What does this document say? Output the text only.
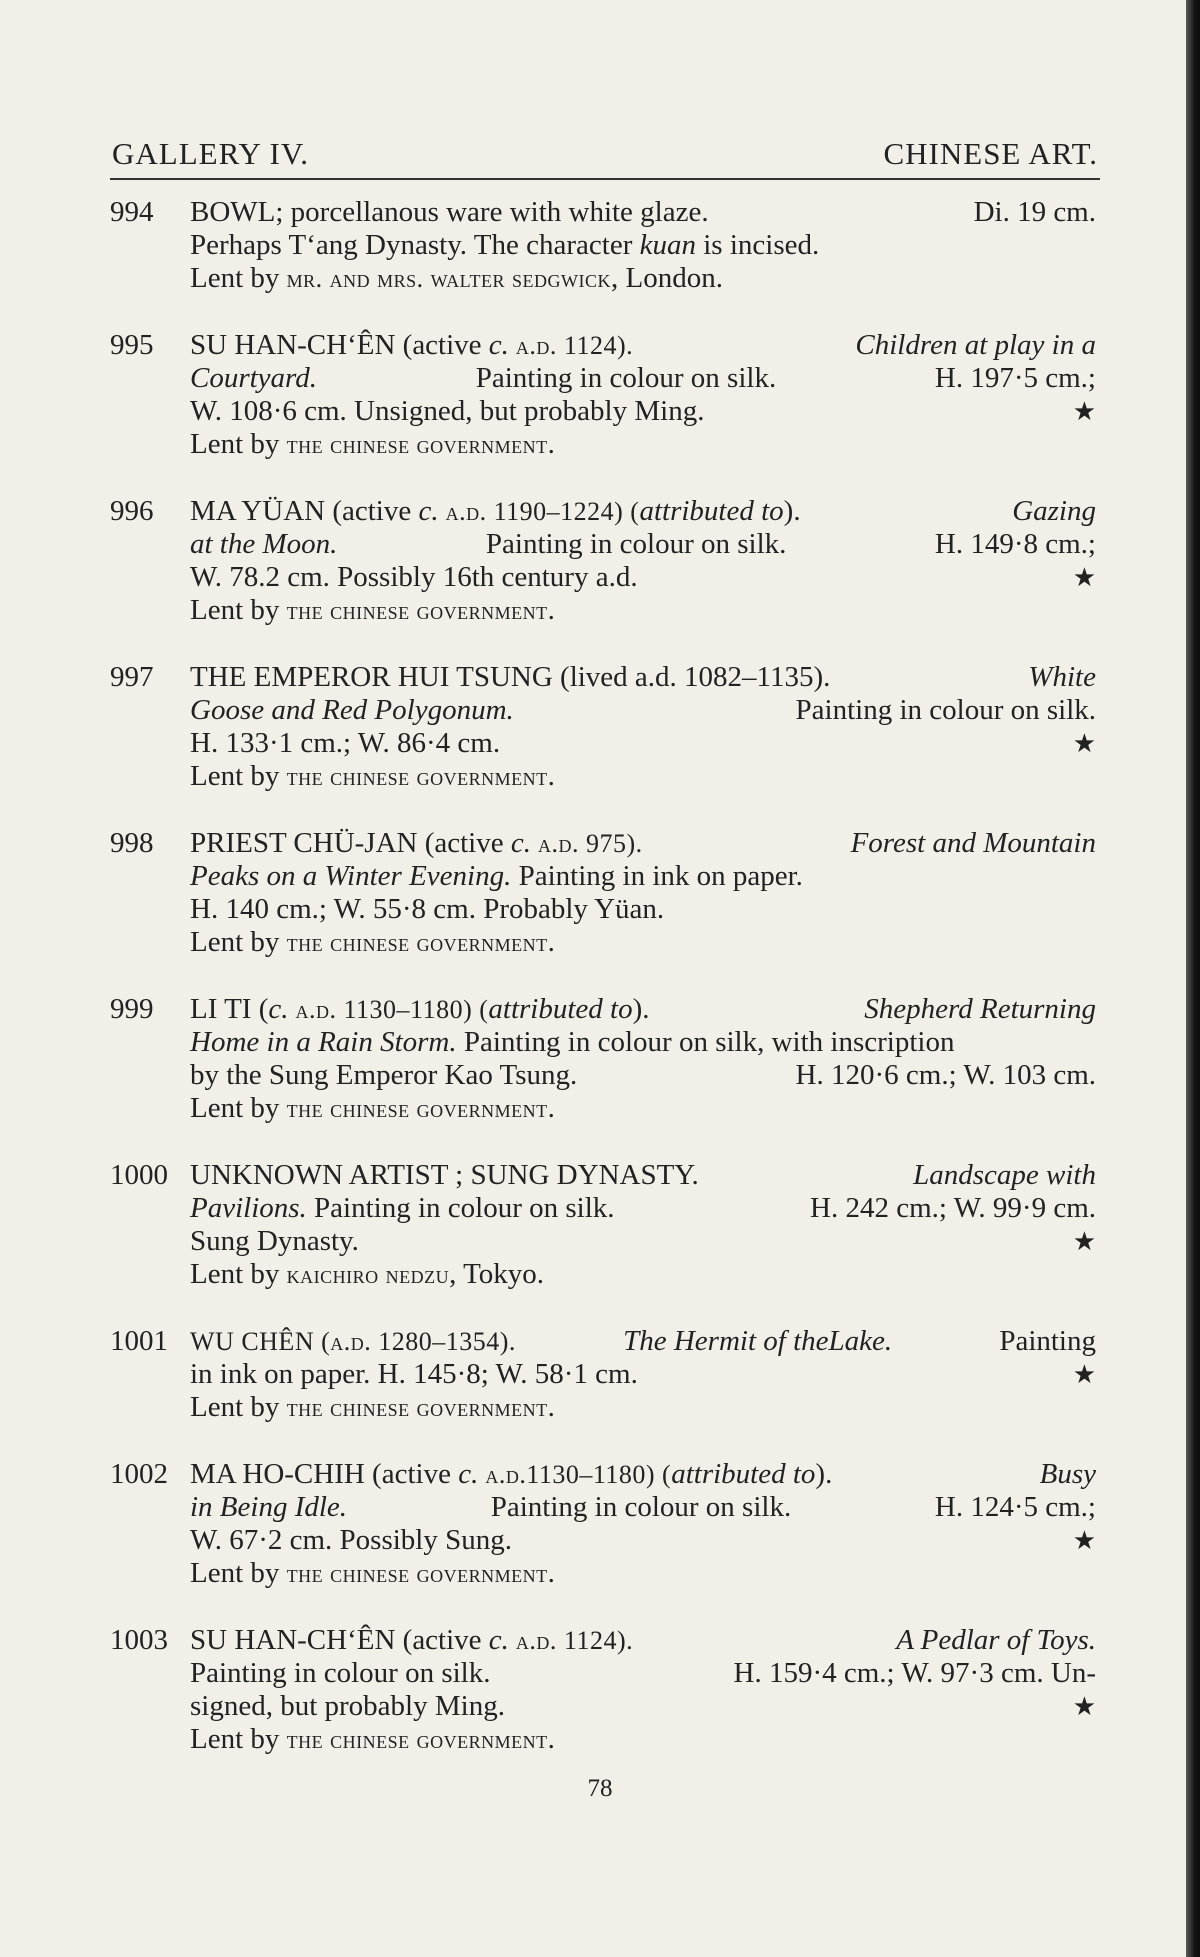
GALLERY IV.	CHINESE ART.
994	BOWL; porcellanous ware with white glaze.	Di. 19 cm.
Perhaps T‘ang Dynasty. The character kuan is incised.
Lent by mr. and mrs. walter sedgwick, London.
995	SU HAN-CH‘ÊN (active c. a.d. 1124).	Children at play in a
Courtyard.	Painting in colour on silk.	H. 197·5 cm.;
W. 108·6 cm. Unsigned, but probably Ming.	★
Lent by the chinese government.
996	MA YÜAN (active c. a.d. 1190–1224) (attributed to).	Gazing
at the Moon.	Painting in colour on silk.	H. 149·8 cm.;
W. 78.2 cm. Possibly 16th century a.d.	★
Lent by the chinese government.
997	THE EMPEROR HUI TSUNG (lived a.d. 1082–1135).	White
Goose and Red Polygonum.	Painting in colour on silk.
H. 133·1 cm.; W. 86·4 cm.	★
Lent by the chinese government.
998	PRIEST CHÜ-JAN (active c. a.d. 975).	Forest and Mountain
Peaks on a Winter Evening. Painting in ink on paper.
H. 140 cm.; W. 55·8 cm. Probably Yüan.
Lent by the chinese government.
999	LI TI (c. a.d. 1130–1180) (attributed to).	Shepherd Returning
Home in a Rain Storm. Painting in colour on silk, with inscription
by the Sung Emperor Kao Tsung.	H. 120·6 cm.; W. 103 cm.
Lent by the chinese government.
1000 UNKNOWN ARTIST ; SUNG DYNASTY.	Landscape with
Pavilions. Painting in colour on silk.	H. 242 cm.; W. 99·9 cm.
Sung Dynasty.	★
Lent by kaichiro nedzu, Tokyo.
1001 WU CHÊN (a.d. 1280–1354).	The Hermit of theLake.	Painting
in ink on paper. H. 145·8; W. 58·1 cm.	★
Lent by the chinese government.
1002 MA HO-CHIH (active c. a.d.1130–1180) (attributed to).	Busy
in Being Idle.	Painting in colour on silk.	H. 124·5 cm.;
W. 67·2 cm. Possibly Sung.	★
Lent by the chinese government.
1003 SU HAN-CH‘ÊN (active c. a.d. 1124).	A Pedlar of Toys.
Painting in colour on silk.	H. 159·4 cm.; W. 97·3 cm. Un-
signed, but probably Ming.	★
Lent by the chinese government.
78
